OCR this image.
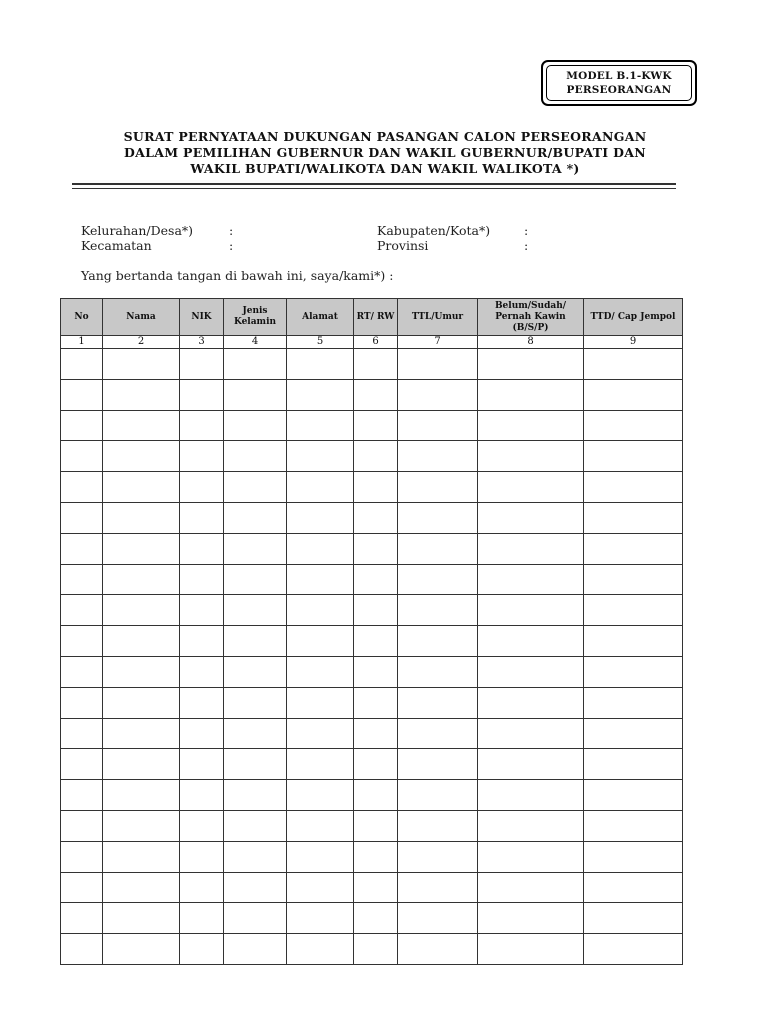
MODEL B.1-KWK
PERSEORANGAN
SURAT PERNYATAAN DUKUNGAN PASANGAN CALON PERSEORANGAN
DALAM PEMILIHAN GUBERNUR DAN WAKIL GUBERNUR/BUPATI DAN
WAKIL BUPATI/WALIKOTA DAN WAKIL WALIKOTA *)
Kelurahan/Desa*)	:
Kecamatan	:
Kabupaten/Kota*)	:
Provinsi	:
Yang bertanda tangan di bawah ini, saya/kami*) :
No	Nama	NIK	Jenis Kelamin	Alamat	RT/ RW	TTL/Umur	Belum/Sudah/ Pernah Kawin (B/S/P)	TTD/ Cap Jempol
1	2	3	4	5	6	7	8	9
